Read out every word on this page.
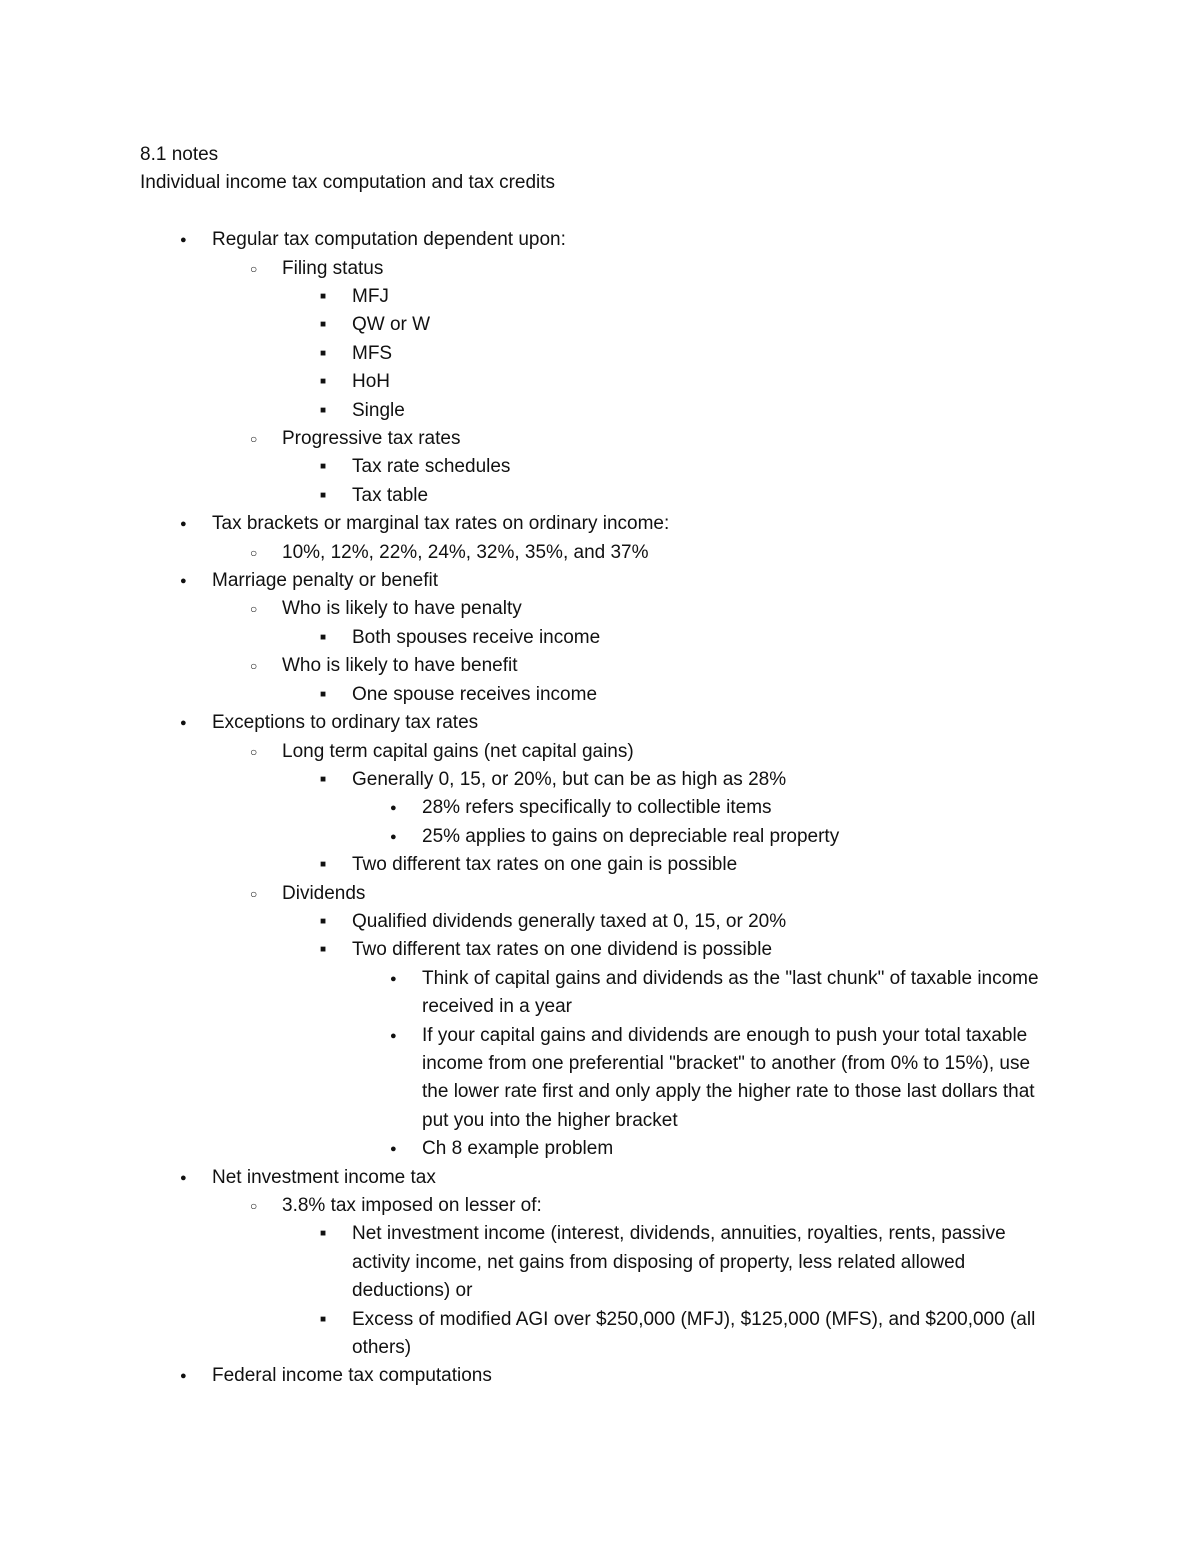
8.1 notes
Individual income tax computation and tax credits
●	Regular tax computation dependent upon:
○	Filing status
■	MFJ
■	QW or W
■	MFS
■	HoH
■	Single
○	Progressive tax rates
■	Tax rate schedules
■	Tax table
●	Tax brackets or marginal tax rates on ordinary income:
○	10%, 12%, 22%, 24%, 32%, 35%, and 37%
●	Marriage penalty or benefit
○	Who is likely to have penalty
■	Both spouses receive income
○	Who is likely to have benefit
■	One spouse receives income
●	Exceptions to ordinary tax rates
○	Long term capital gains (net capital gains)
■	Generally 0, 15, or 20%, but can be as high as 28%
●	28% refers specifically to collectible items
●	25% applies to gains on depreciable real property
■	Two different tax rates on one gain is possible
○	Dividends
■	Qualified dividends generally taxed at 0, 15, or 20%
■	Two different tax rates on one dividend is possible
●	Think of capital gains and dividends as the "last chunk" of taxable income received in a year
●	If your capital gains and dividends are enough to push your total taxable income from one preferential "bracket" to another (from 0% to 15%), use the lower rate first and only apply the higher rate to those last dollars that put you into the higher bracket
●	Ch 8 example problem
●	Net investment income tax
○	3.8% tax imposed on lesser of:
■	Net investment income (interest, dividends, annuities, royalties, rents, passive activity income, net gains from disposing of property, less related allowed deductions) or
■	Excess of modified AGI over $250,000 (MFJ), $125,000 (MFS), and $200,000 (all others)
●	Federal income tax computations
